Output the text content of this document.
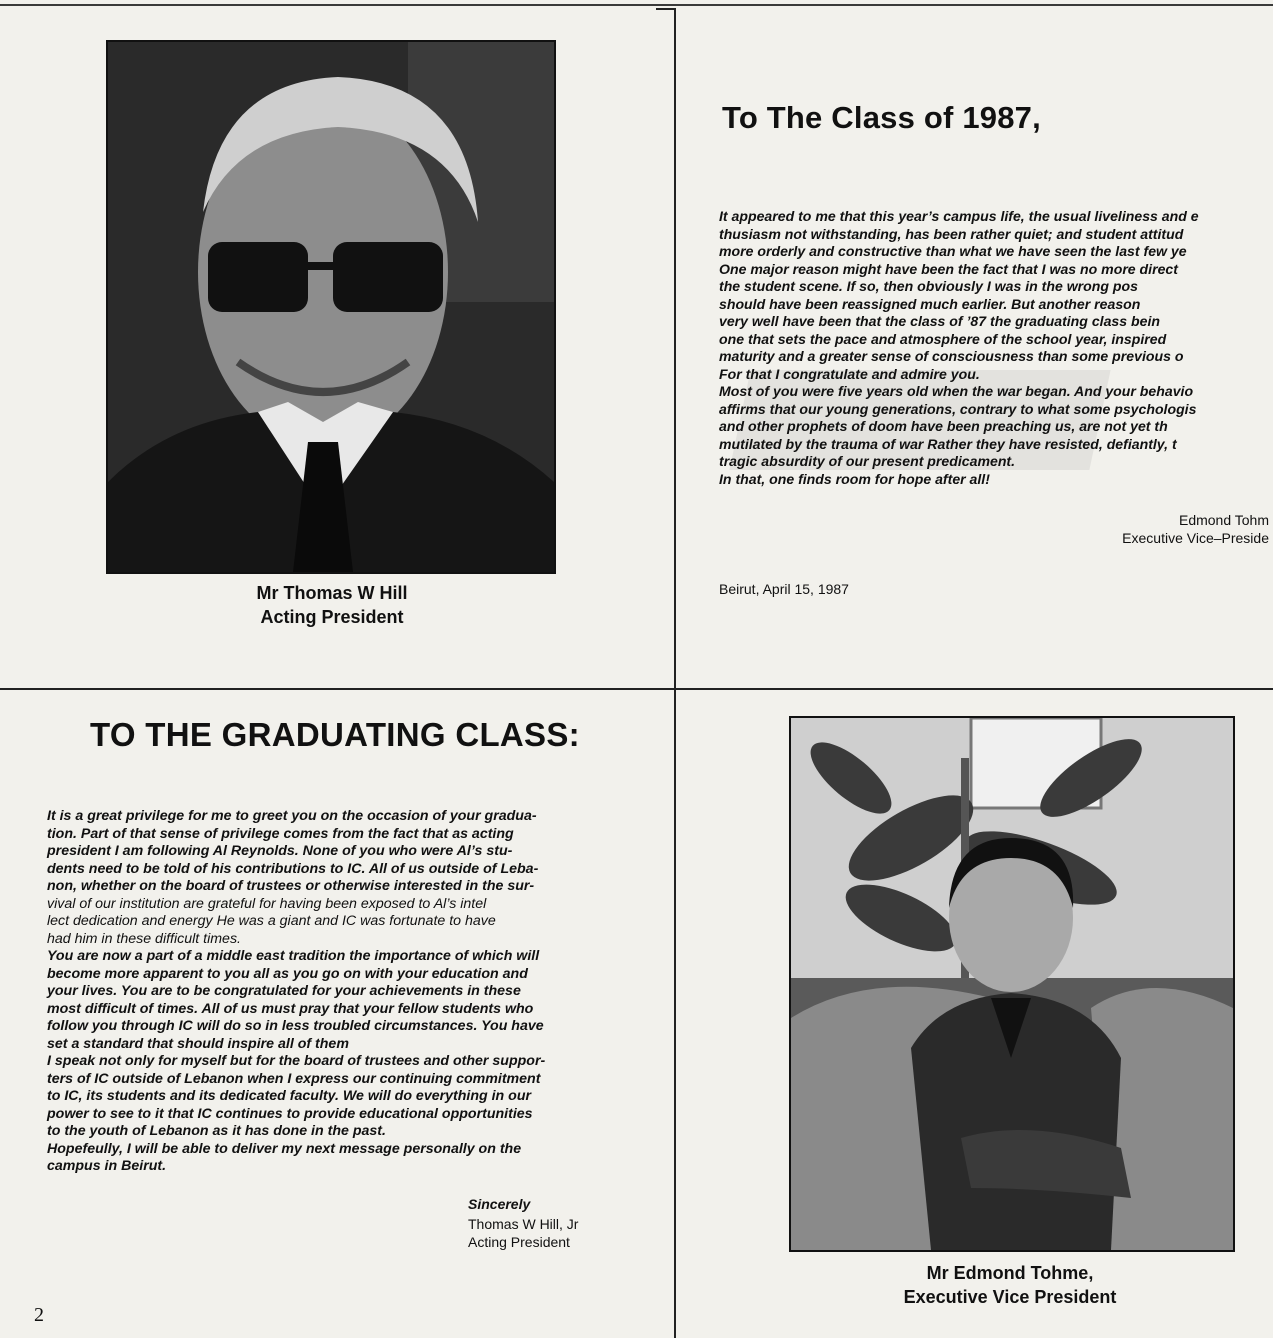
Mr Thomas W Hill
Acting President
To The Class of 1987,
It appeared to me that this year’s campus life, the usual liveliness and e
thusiasm not withstanding, has been rather quiet; and student attitud
more orderly and constructive than what we have seen the last few ye
One major reason might have been the fact that I was no more direct
the student scene. If so, then obviously I was in the wrong pos
should have been reassigned much earlier. But another reason
very well have been that the class of ’87 the graduating class bein
one that sets the pace and atmosphere of the school year, inspired
maturity and a greater sense of consciousness than some previous o
For that I congratulate and admire you.
Most of you were five years old when the war began. And your behavio
affirms that our young generations, contrary to what some psychologis
and other prophets of doom have been preaching us, are not yet th
mutilated by the trauma of war Rather they have resisted, defiantly, t
tragic absurdity of our present predicament.
In that, one finds room for hope after all!
Edmond Tohm
Executive Vice–Preside
Beirut, April 15, 1987
TO THE GRADUATING CLASS:
It is a great privilege for me to greet you on the occasion of your gradua-
tion. Part of that sense of privilege comes from the fact that as acting
president I am following Al Reynolds. None of you who were Al’s stu-
dents need to be told of his contributions to IC. All of us outside of Leba-
non, whether on the board of trustees or otherwise interested in the sur-
vival of our institution are grateful for having been exposed to Al’s intel
lect dedication and energy He was a giant and IC was fortunate to have
had him in these difficult times.
You are now a part of a middle east tradition the importance of which will
become more apparent to you all as you go on with your education and
your lives. You are to be congratulated for your achievements in these
most difficult of times. All of us must pray that your fellow students who
follow you through IC will do so in less troubled circumstances. You have
set a standard that should inspire all of them
I speak not only for myself but for the board of trustees and other suppor-
ters of IC outside of Lebanon when I express our continuing commitment
to IC, its students and its dedicated faculty. We will do everything in our
power to see to it that IC continues to provide educational opportunities
to the youth of Lebanon as it has done in the past.
Hopefeully, I will be able to deliver my next message personally on the
campus in Beirut.
Sincerely
Thomas W Hill, Jr
Acting President
Mr Edmond Tohme,
Executive Vice President
2
